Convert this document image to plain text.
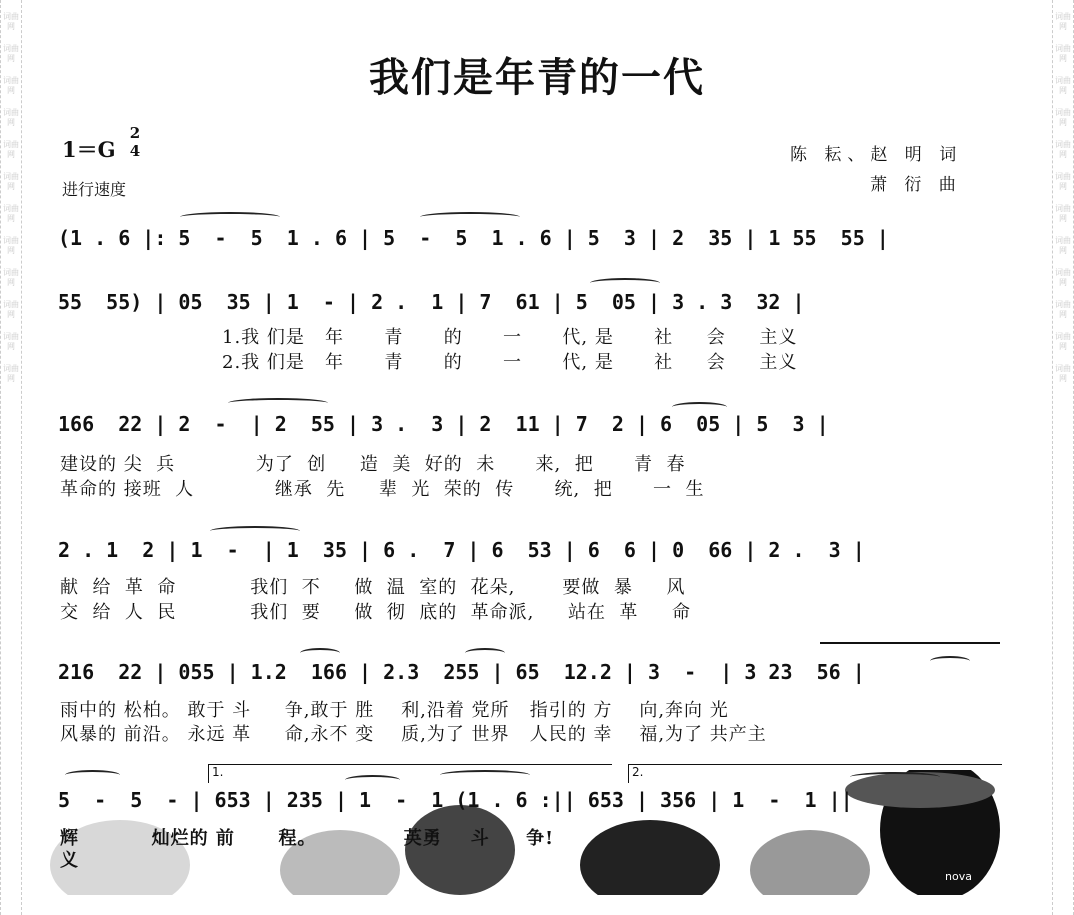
词曲网
词曲网
词曲网
词曲网
词曲网
词曲网
词曲网
词曲网
词曲网
词曲网
词曲网
词曲网
词曲网
词曲网
词曲网
词曲网
词曲网
词曲网
词曲网
词曲网
词曲网
词曲网
词曲网
词曲网
我们是年青的一代
1＝G
2
4
进行速度
陈 耘、赵 明 词
萧 衍 曲
nova
(1 . 6 |: 5  -  5  1 . 6 | 5  -  5  1 . 6 | 5  3 | 2  35 | 1 55  55 |
55  55) | 05  35 | 1  - | 2 .  1 | 7  61 | 5  05 | 3 . 3  32 |
1.我 们是   年      青      的      一      代, 是      社     会     主义
2.我 们是   年      青      的      一      代, 是      社     会     主义
166  22 | 2  -  | 2  55 | 3 .  3 | 2  11 | 7  2 | 6  05 | 5  3 |
建设的 尖  兵            为了  创     造  美  好的  未      来,  把      青  春
革命的 接班  人            继承  先     辈  光  荣的  传      统,  把      一  生
2 . 1  2 | 1  -  | 1  35 | 6 .  7 | 6  53 | 6  6 | 0  66 | 2 .  3 |
献  给  革  命           我们  不     做  温  室的  花朵,       要做  暴     风
交  给  人  民           我们  要     做  彻  底的  革命派,     站在  革     命
216  22 | 055 | 1.2  166 | 2.3  255 | 65  12.2 | 3  -  | 3 23  56 |
雨中的 松柏。 敢于 斗     争,敢于 胜    利,沿着 党所   指引的 方    向,奔向 光
风暴的 前沿。 永远 革     命,永不 变    质,为了 世界   人民的 幸    福,为了 共产主
1.	2.
5  -  5  - | 653 | 235 | 1  -  1 (1 . 6 :|| 653 | 356 | 1  -  1 ||
辉          灿烂的 前      程。            英勇    斗     争!
义
